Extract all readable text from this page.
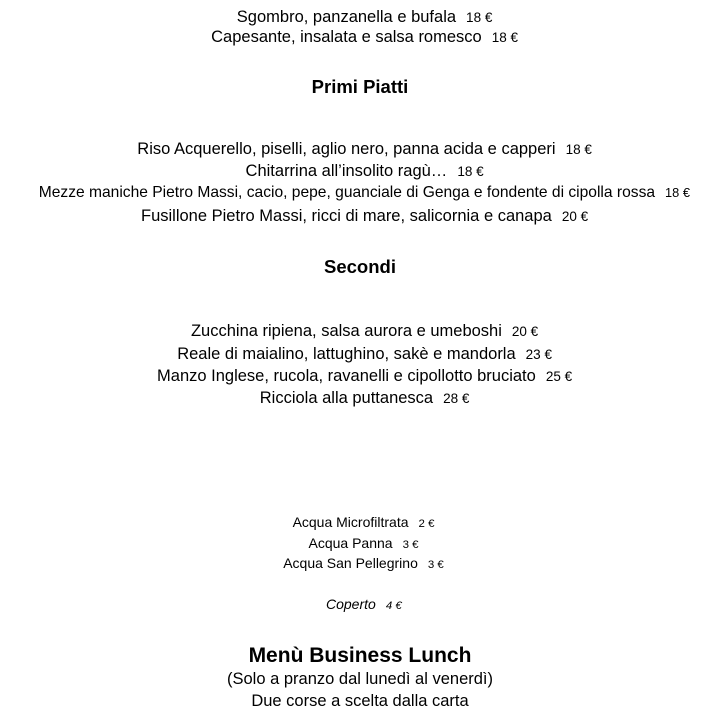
Sgombro, panzanella e bufala 18 €

Capesante, insalata e salsa romesco 18 €

Primi Piatti

Riso Acquerello, piselli, aglio nero, panna acida e capperi 18 €

Chitarrina all’insolito ragù… 18 €

Mezze maniche Pietro Massi, cacio, pepe, guanciale di Genga e fondente di cipolla rossa 18 €

Fusillone Pietro Massi, ricci di mare, salicornia e canapa 20 €

Secondi

Zucchina ripiena, salsa aurora e umeboshi 20 €

Reale di maialino, lattughino, sakè e mandorla 23 €

Manzo Inglese, rucola, ravanelli e cipollotto bruciato 25 €

Ricciola alla puttanesca 28 €

Acqua Microfiltrata 2 €

Acqua Panna 3 €

Acqua San Pellegrino 3 €

Coperto 4 €

Menù Business Lunch
(Solo a pranzo dal lunedì al venerdì)
Due corse a scelta dalla carta
